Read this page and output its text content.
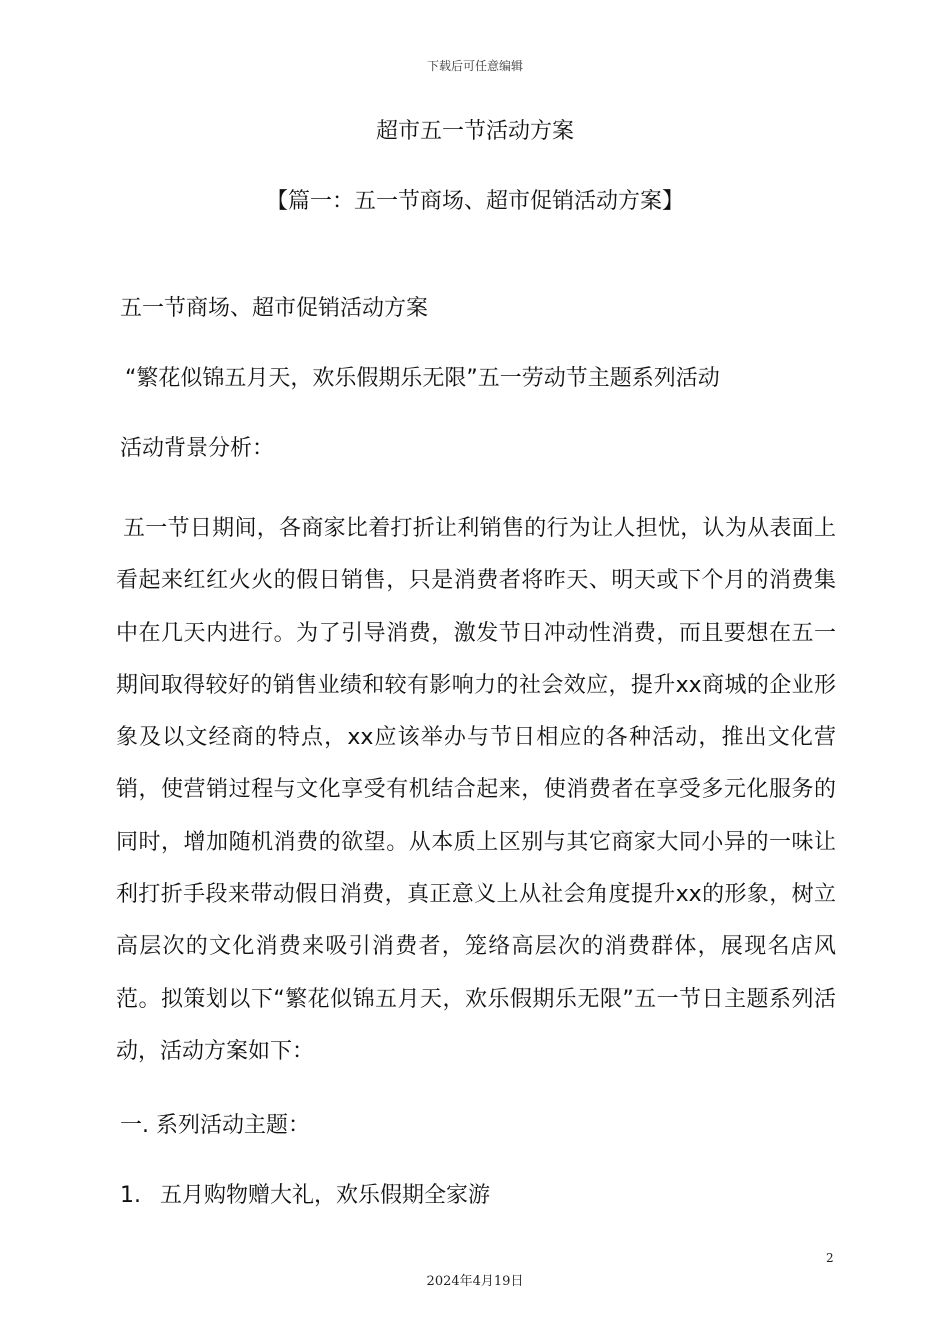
下载后可任意编辑
超市五一节活动方案
【篇一：五一节商场、超市促销活动方案】
五一节商场、超市促销活动方案
“繁花似锦五月天，欢乐假期乐无限”五一劳动节主题系列活动
活动背景分析：
五一节日期间，各商家比着打折让利销售的行为让人担忧，认为从表面上看起来红红火火的假日销售，只是消费者将昨天、明天或下个月的消费集中在几天内进行。为了引导消费，激发节日冲动性消费，而且要想在五一期间取得较好的销售业绩和较有影响力的社会效应，提升xx商城的企业形象及以文经商的特点，xx应该举办与节日相应的各种活动，推出文化营销，使营销过程与文化享受有机结合起来，使消费者在享受多元化服务的同时，增加随机消费的欲望。从本质上区别与其它商家大同小异的一味让利打折手段来带动假日消费，真正意义上从社会角度提升xx的形象，树立高层次的文化消费来吸引消费者，笼络高层次的消费群体，展现名店风范。拟策划以下“繁花似锦五月天，欢乐假期乐无限”五一节日主题系列活动，活动方案如下：
一. 系列活动主题：
1. 五月购物赠大礼，欢乐假期全家游
2
2024年4月19日
